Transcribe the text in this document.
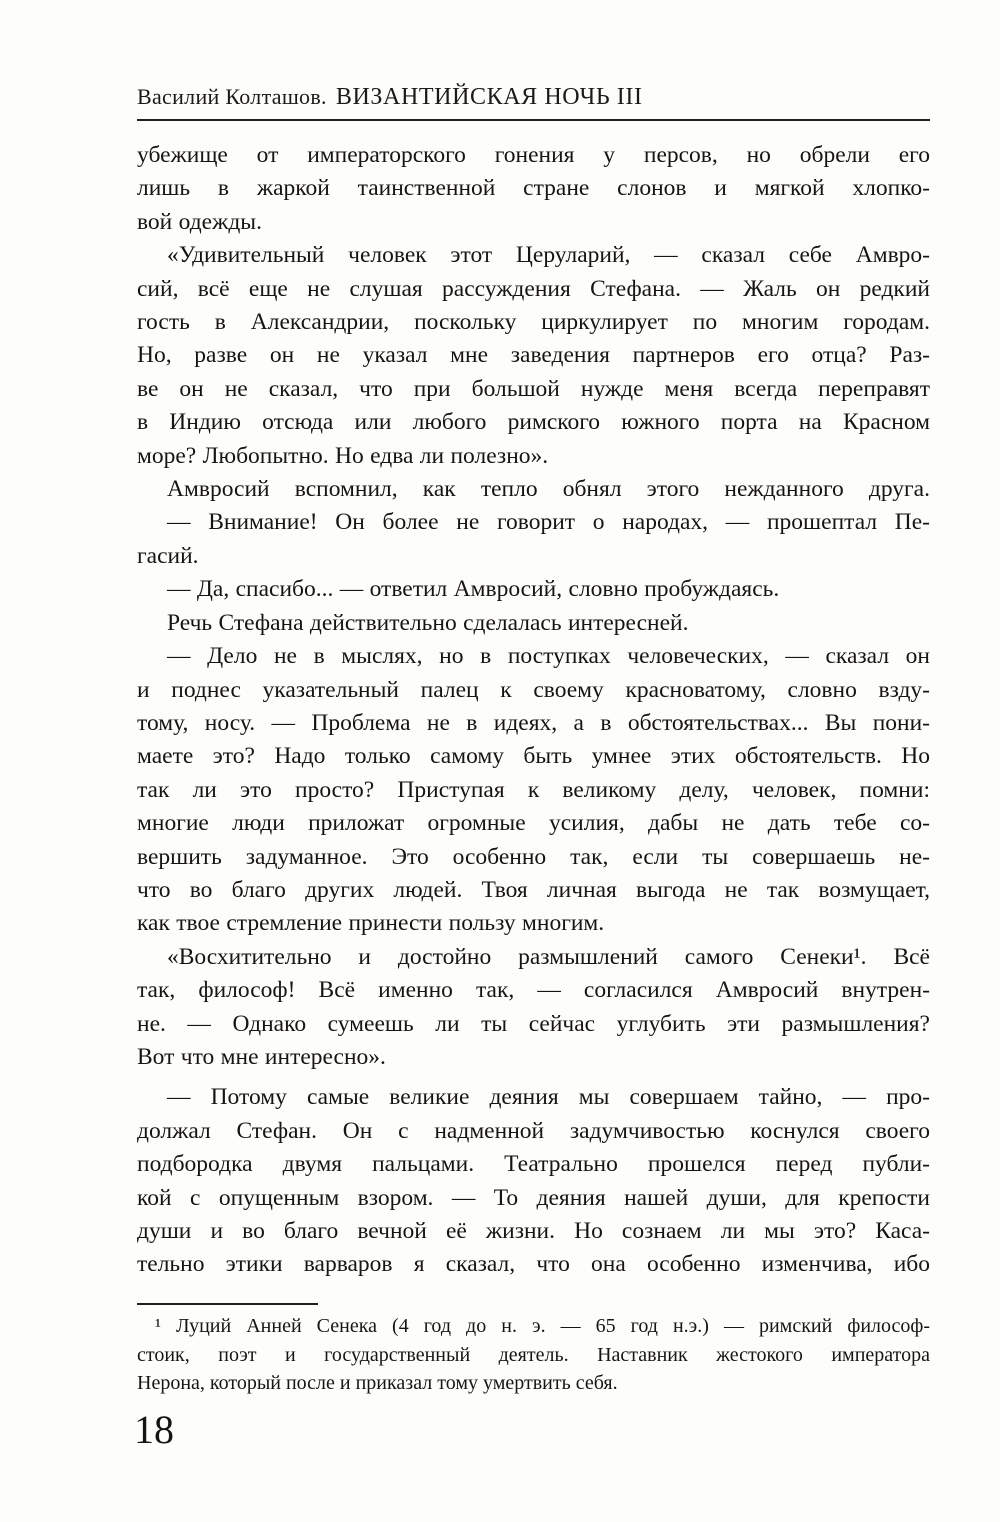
Василий Колташов. ВИЗАНТИЙСКАЯ НОЧЬ III
убежище от императорского гонения у персов, но обрели его
лишь в жаркой таинственной стране слонов и мягкой хлопко-
вой одежды.
«Удивительный человек этот Церуларий, — сказал себе Амвро-
сий, всё еще не слушая рассуждения Стефана. — Жаль он редкий
гость в Александрии, поскольку циркулирует по многим городам.
Но, разве он не указал мне заведения партнеров его отца? Раз-
ве он не сказал, что при большой нужде меня всегда переправят
в Индию отсюда или любого римского южного порта на Красном
море? Любопытно. Но едва ли полезно».
Амвросий вспомнил, как тепло обнял этого нежданного друга.
— Внимание! Он более не говорит о народах, — прошептал Пе-
гасий.
— Да, спасибо... — ответил Амвросий, словно пробуждаясь.
Речь Стефана действительно сделалась интересней.
— Дело не в мыслях, но в поступках человеческих, — сказал он
и поднес указательный палец к своему красноватому, словно взду-
тому, носу. — Проблема не в идеях, а в обстоятельствах... Вы пони-
маете это? Надо только самому быть умнее этих обстоятельств. Но
так ли это просто? Приступая к великому делу, человек, помни:
многие люди приложат огромные усилия, дабы не дать тебе со-
вершить задуманное. Это особенно так, если ты совершаешь не-
что во благо других людей. Твоя личная выгода не так возмущает,
как твое стремление принести пользу многим.
«Восхитительно и достойно размышлений самого Сенеки¹. Всё
так, философ! Всё именно так, — согласился Амвросий внутрен-
не. — Однако сумеешь ли ты сейчас углубить эти размышления?
Вот что мне интересно».
— Потому самые великие деяния мы совершаем тайно, — про-
должал Стефан. Он с надменной задумчивостью коснулся своего
подбородка двумя пальцами. Театрально прошелся перед публи-
кой с опущенным взором. — То деяния нашей души, для крепости
души и во благо вечной её жизни. Но сознаем ли мы это? Каса-
тельно этики варваров я сказал, что она особенно изменчива, ибо
¹ Луций Анней Сенека (4 год до н. э. — 65 год н.э.) — римский философ-
стоик, поэт и государственный деятель. Наставник жестокого императора
Нерона, который после и приказал тому умертвить себя.
18
